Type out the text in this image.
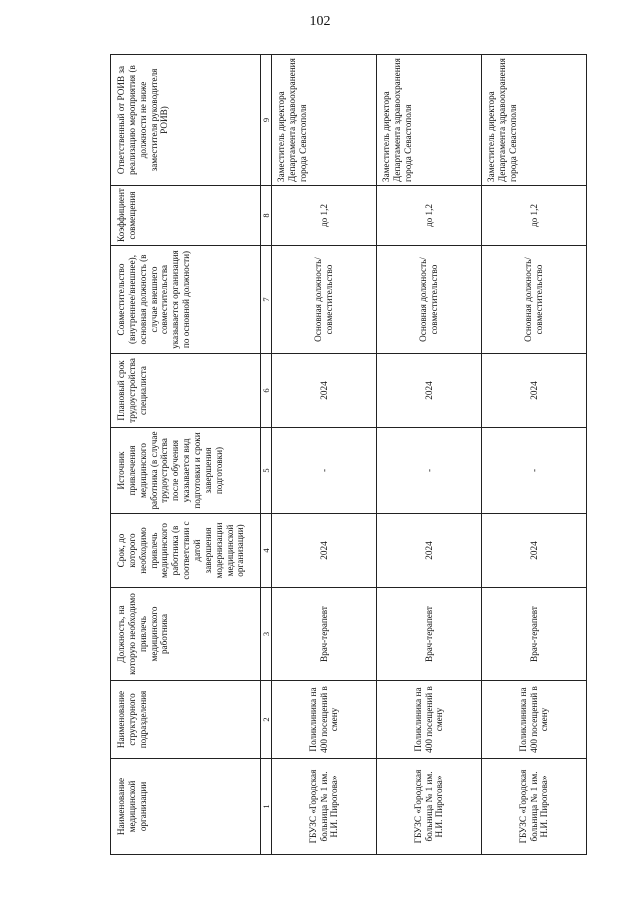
102
Наименование медицинской организации	Наименование структурного подразделения	Должность, на которую необходимо привлечь медицинского работника	Срок, до которого необходимо привлечь медицинского работника (в соответствии с датой завершения модернизации медицинской организации)	Источник привлечения медицинского работника (в случае трудоустройства после обучения указывается вид подготовки и сроки завершения подготовки)	Плановый срок трудоустройства специалиста	Совместительство (внутреннее/внешнее), основная должность (в случае внешнего совместительства указывается организация по основной должности)	Коэффициент совмещения	Ответственный от РОИВ за реализацию мероприятия (в должности не ниже заместителя руководителя РОИВ)
1	2	3	4	5	6	7	8	9
ГБУЗС «Городская больница № 1 им. Н.И. Пирогова»	Поликлиника на 400 посещений в смену	Врач-терапевт	2024	-	2024	Основная должность/ совместительство	до 1,2	Заместитель директора Департамента здравоохранения города Севастополя
ГБУЗС «Городская больница № 1 им. Н.И. Пирогова»	Поликлиника на 400 посещений в смену	Врач-терапевт	2024	-	2024	Основная должность/ совместительство	до 1,2	Заместитель директора Департамента здравоохранения города Севастополя
ГБУЗС «Городская больница № 1 им. Н.И. Пирогова»	Поликлиника на 400 посещений в смену	Врач-терапевт	2024	-	2024	Основная должность/ совместительство	до 1,2	Заместитель директора Департамента здравоохранения города Севастополя
